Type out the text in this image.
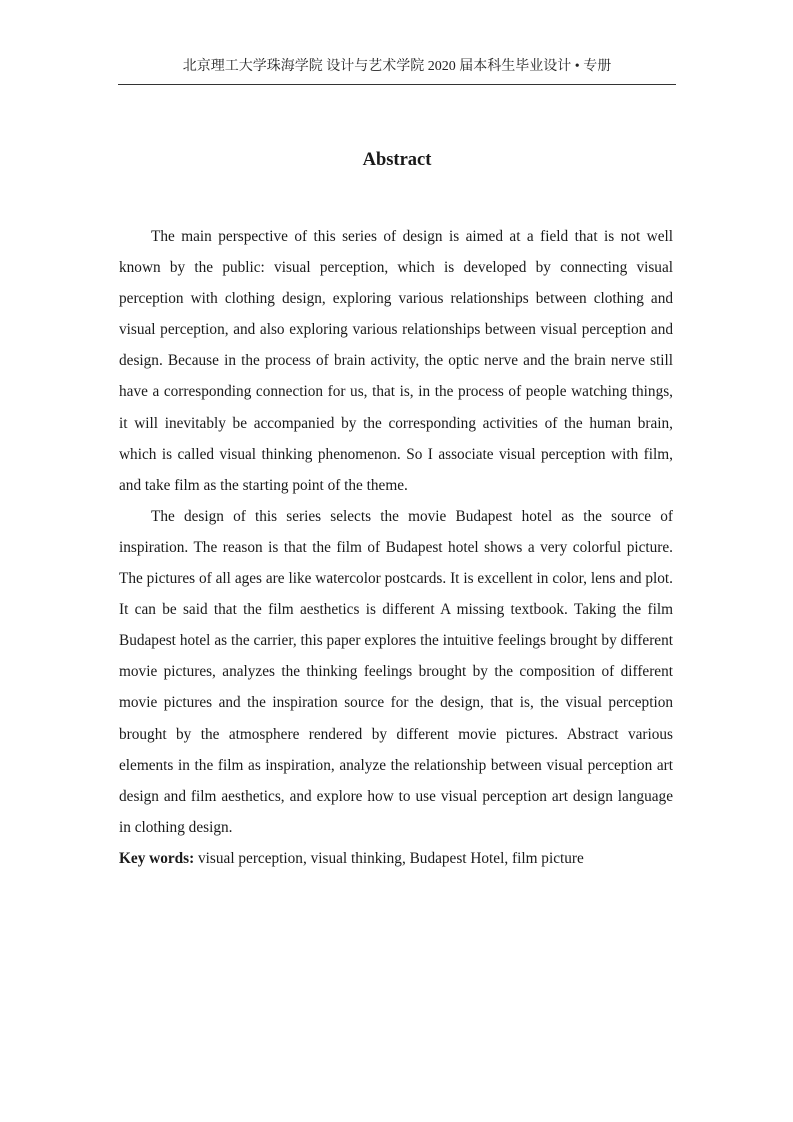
北京理工大学珠海学院 设计与艺术学院 2020 届本科生毕业设计 • 专册
Abstract

The main perspective of this series of design is aimed at a field that is not well known by the public: visual perception, which is developed by connecting visual perception with clothing design, exploring various relationships between clothing and visual perception, and also exploring various relationships between visual perception and design. Because in the process of brain activity, the optic nerve and the brain nerve still have a corresponding connection for us, that is, in the process of people watching things, it will inevitably be accompanied by the corresponding activities of the human brain, which is called visual thinking phenomenon. So I associate visual perception with film, and take film as the starting point of the theme.

The design of this series selects the movie Budapest hotel as the source of inspiration. The reason is that the film of Budapest hotel shows a very colorful picture. The pictures of all ages are like watercolor postcards. It is excellent in color, lens and plot. It can be said that the film aesthetics is different A missing textbook. Taking the film Budapest hotel as the carrier, this paper explores the intuitive feelings brought by different movie pictures, analyzes the thinking feelings brought by the composition of different movie pictures and the inspiration source for the design, that is, the visual perception brought by the atmosphere rendered by different movie pictures. Abstract various elements in the film as inspiration, analyze the relationship between visual perception art design and film aesthetics, and explore how to use visual perception art design language in clothing design.

Key words: visual perception, visual thinking, Budapest Hotel, film picture
